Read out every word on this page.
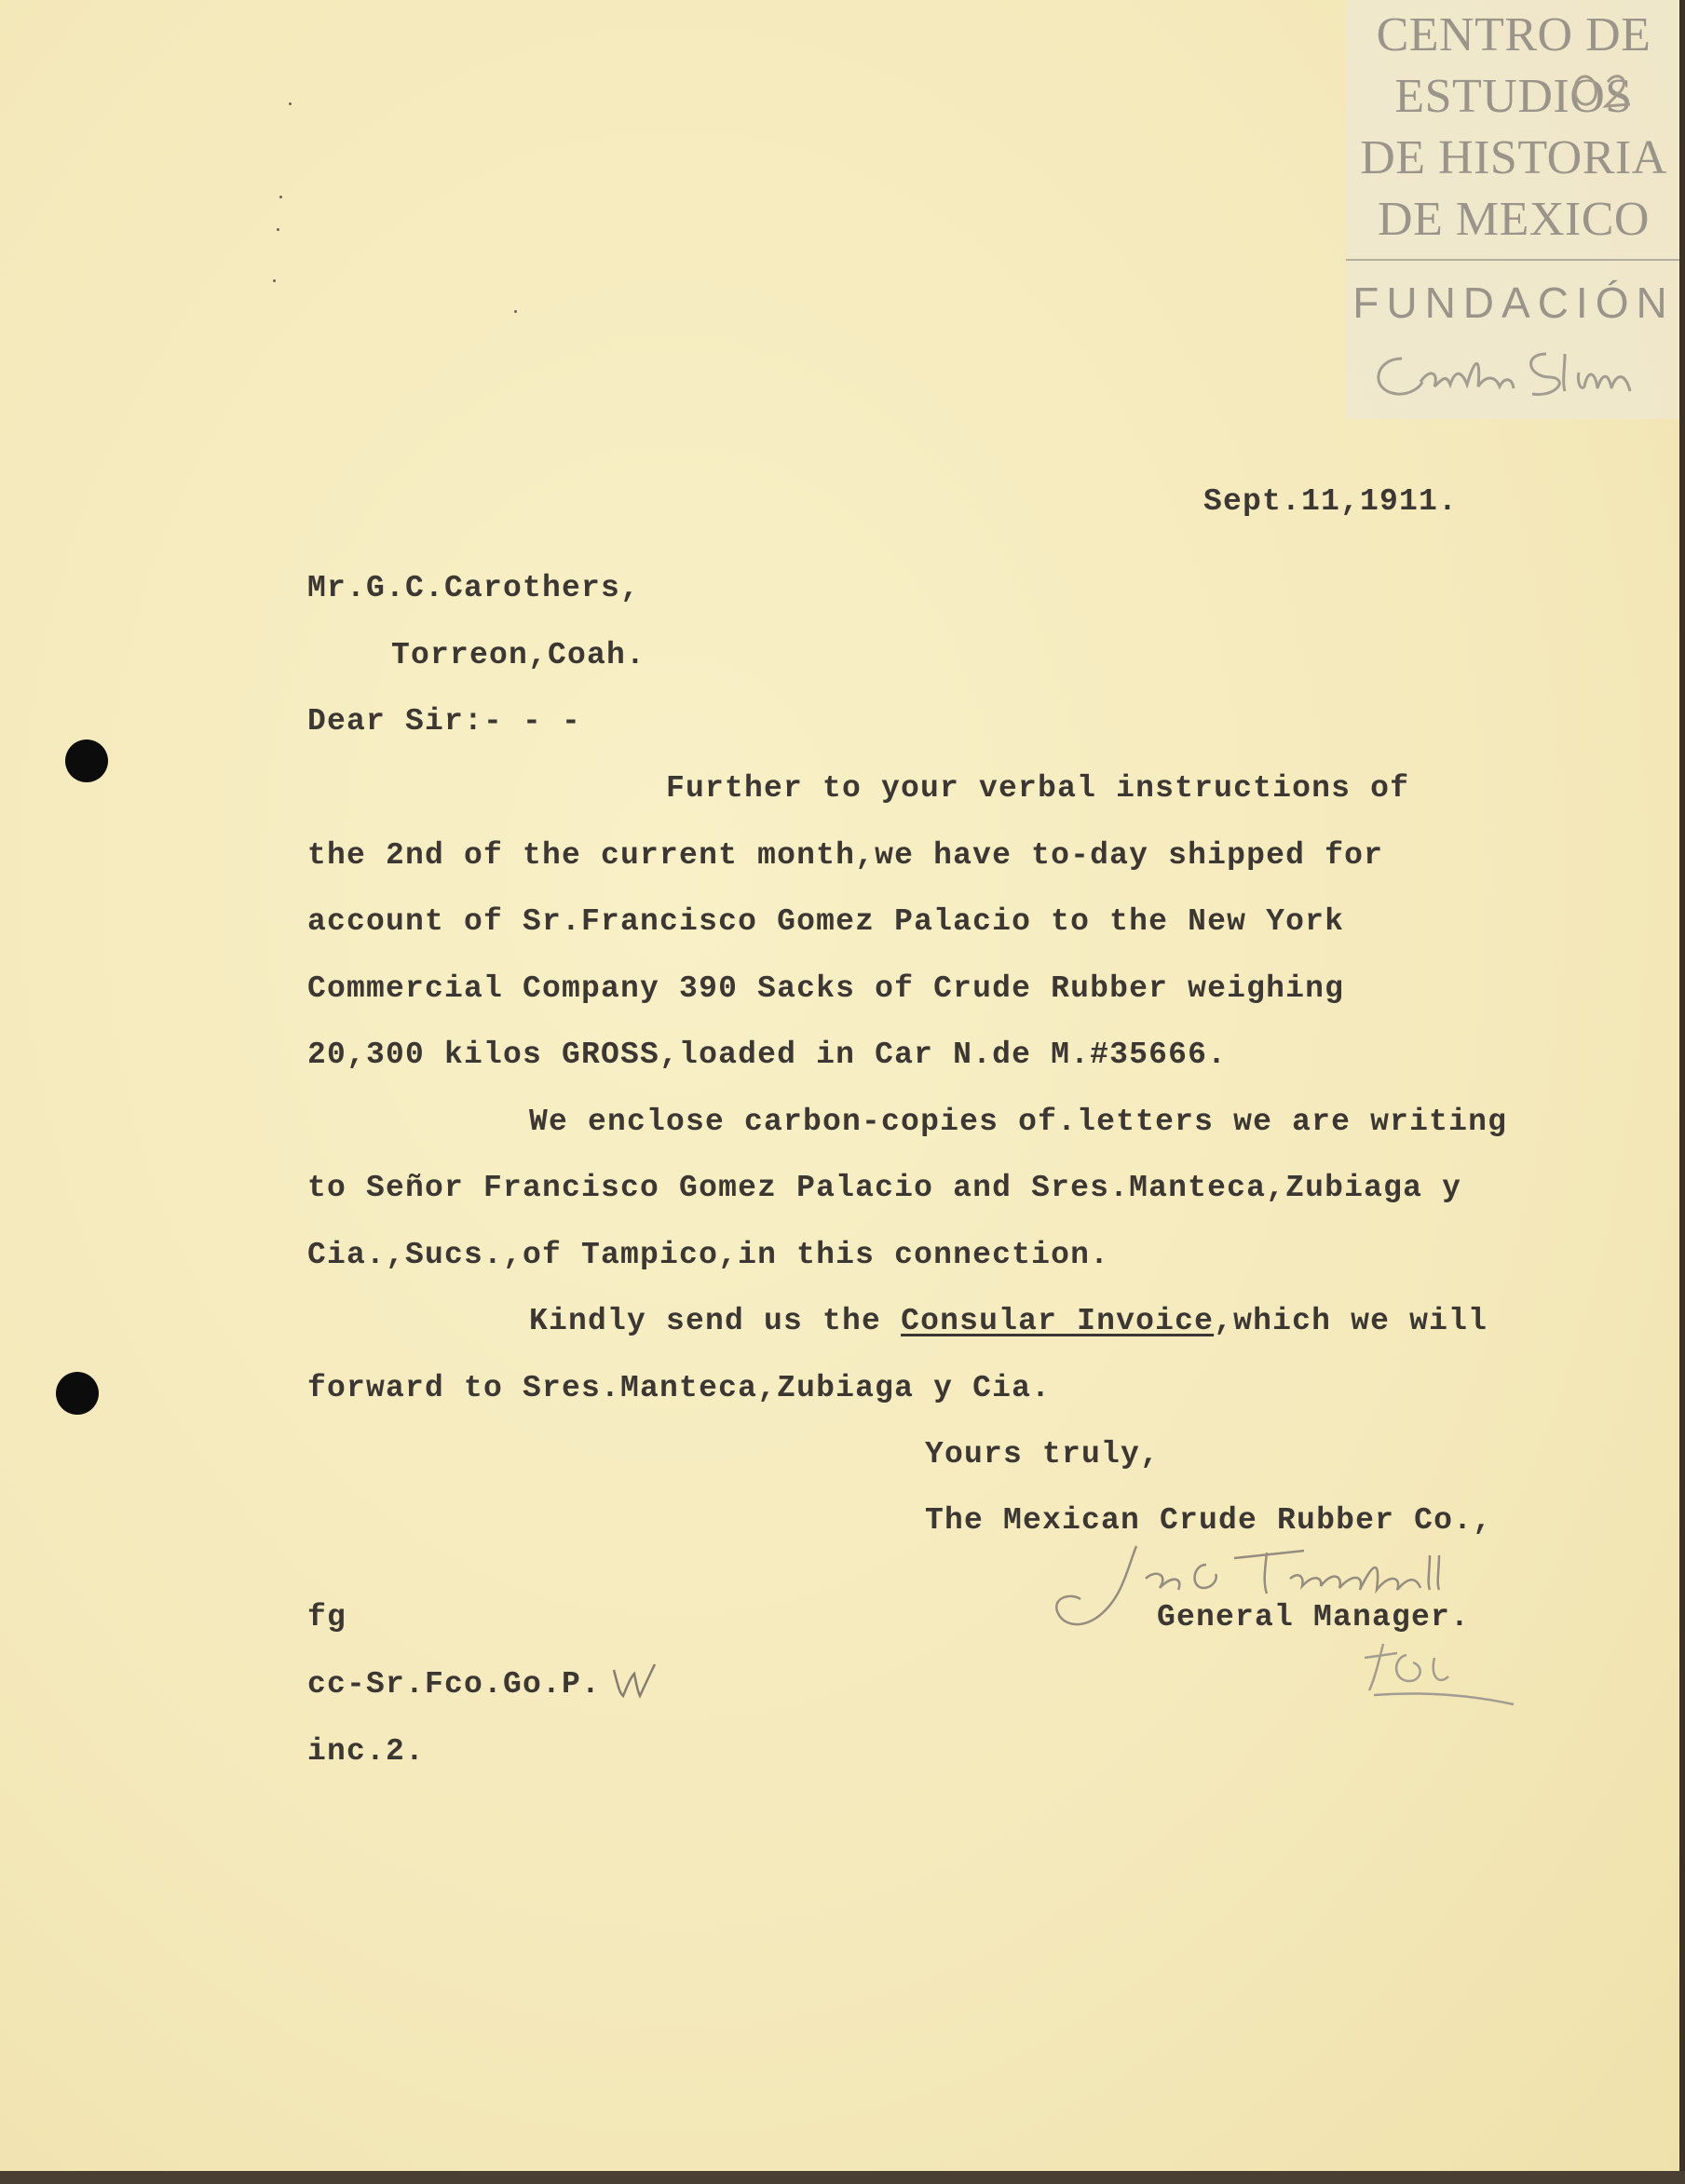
CENTRO DE
ESTUDIOS
DE HISTORIA
DE MEXICO
FUNDACIÓN
Sept.11,1911.
Mr.G.C.Carothers,
Torreon,Coah.
Dear Sir:- - -
Further to your verbal instructions of
the 2nd of the current month,we have to-day shipped for
account of Sr.Francisco Gomez Palacio to the New York
Commercial Company 390 Sacks of Crude Rubber weighing
20,300 kilos GROSS,loaded in Car N.de M.#35666.
We enclose carbon-copies of.letters we are writing
to Señor Francisco Gomez Palacio and Sres.Manteca,Zubiaga y
Cia.,Sucs.,of Tampico,in this connection.
Kindly send us the Consular Invoice,which we will
forward to Sres.Manteca,Zubiaga y Cia.
Yours truly,
The Mexican Crude Rubber Co.,
General Manager.
fg
cc-Sr.Fco.Go.P.
inc.2.
